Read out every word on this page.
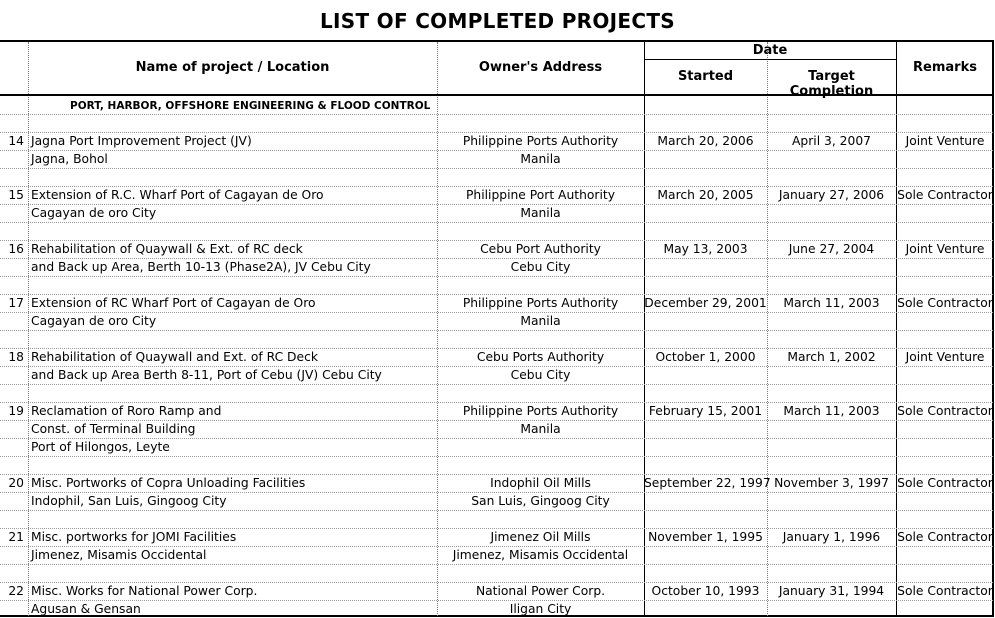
LIST OF COMPLETED PROJECTS
Name of project / Location	Owner's Address
Date
Started	Target Completion
Remarks
PORT, HARBOR, OFFSHORE ENGINEERING & FLOOD CONTROL
14 Jagna Port Improvement Project (JV)
Jagna, Bohol
Philippine Ports Authority
Manila
March 20, 2006	April 3, 2007	Joint Venture
15 Extension of R.C. Wharf Port of Cagayan de Oro
Cagayan de oro City
Philippine Port Authority
Manila
March 20, 2005	January 27, 2006	Sole Contractor
16 Rehabilitation of Quaywall & Ext. of RC deck
and Back up Area, Berth 10-13 (Phase2A), JV Cebu City
Cebu Port Authority
Cebu City
May 13, 2003	June 27, 2004	Joint Venture
17 Extension of RC Wharf Port of Cagayan de Oro
Cagayan de oro City
Philippine Ports Authority
Manila
December 29, 2001	March 11, 2003	Sole Contractor
18 Rehabilitation of Quaywall and Ext. of RC Deck
and Back up Area Berth 8-11, Port of Cebu (JV) Cebu City
Cebu Ports Authority
Cebu City
October 1, 2000	March 1, 2002	Joint Venture
19 Reclamation of Roro Ramp and
Const. of Terminal Building
Port of Hilongos, Leyte
Philippine Ports Authority
Manila
February 15, 2001	March 11, 2003	Sole Contractor
20 Misc. Portworks of Copra Unloading Facilities
Indophil, San Luis, Gingoog City
Indophil Oil Mills
San Luis, Gingoog City
September 22, 1997 November 3, 1997 Sole Contractor
21 Misc. portworks for JOMI Facilities
Jimenez, Misamis Occidental
Jimenez Oil Mills
Jimenez, Misamis Occidental
November 1, 1995	January 1, 1996	Sole Contractor
22 Misc. Works for National Power Corp.
Agusan & Gensan
National Power Corp.
Iligan City
October 10, 1993	January 31, 1994	Sole Contractor
